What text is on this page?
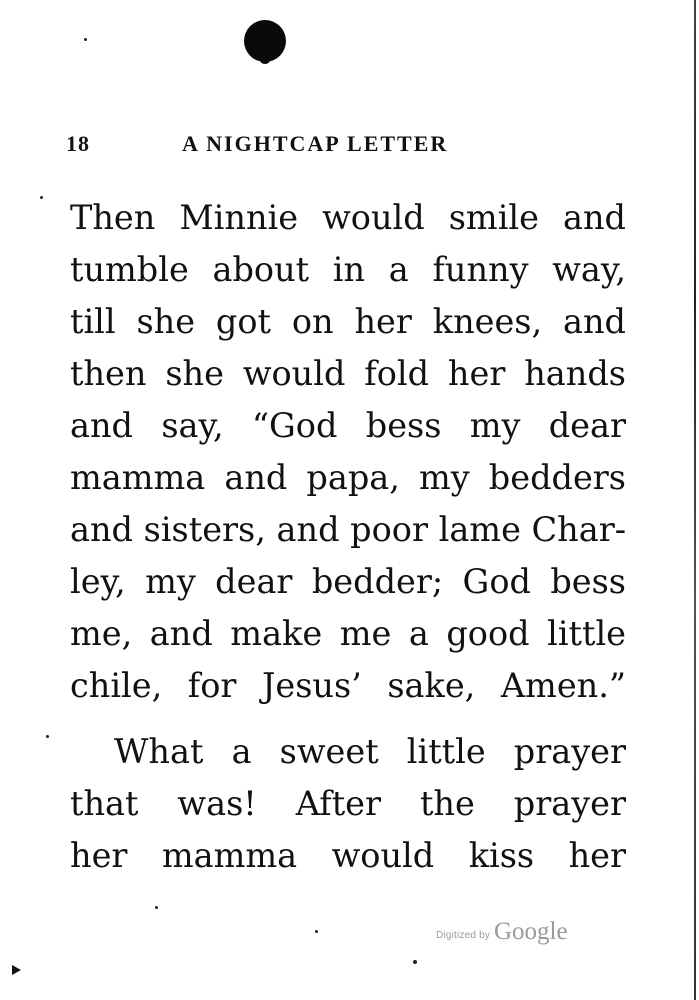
18	A NIGHTCAP LETTER
Then Minnie would smile and
tumble about in a funny way,
till she got on her knees, and
then she would fold her hands
and say, “God bess my dear
mamma and papa, my bedders
and sisters, and poor lame Char-
ley, my dear bedder; God bess
me, and make me a good little
chile, for Jesus’ sake, Amen.”
What a sweet little prayer
that was! After the prayer
her mamma would kiss her
Digitized by Google
